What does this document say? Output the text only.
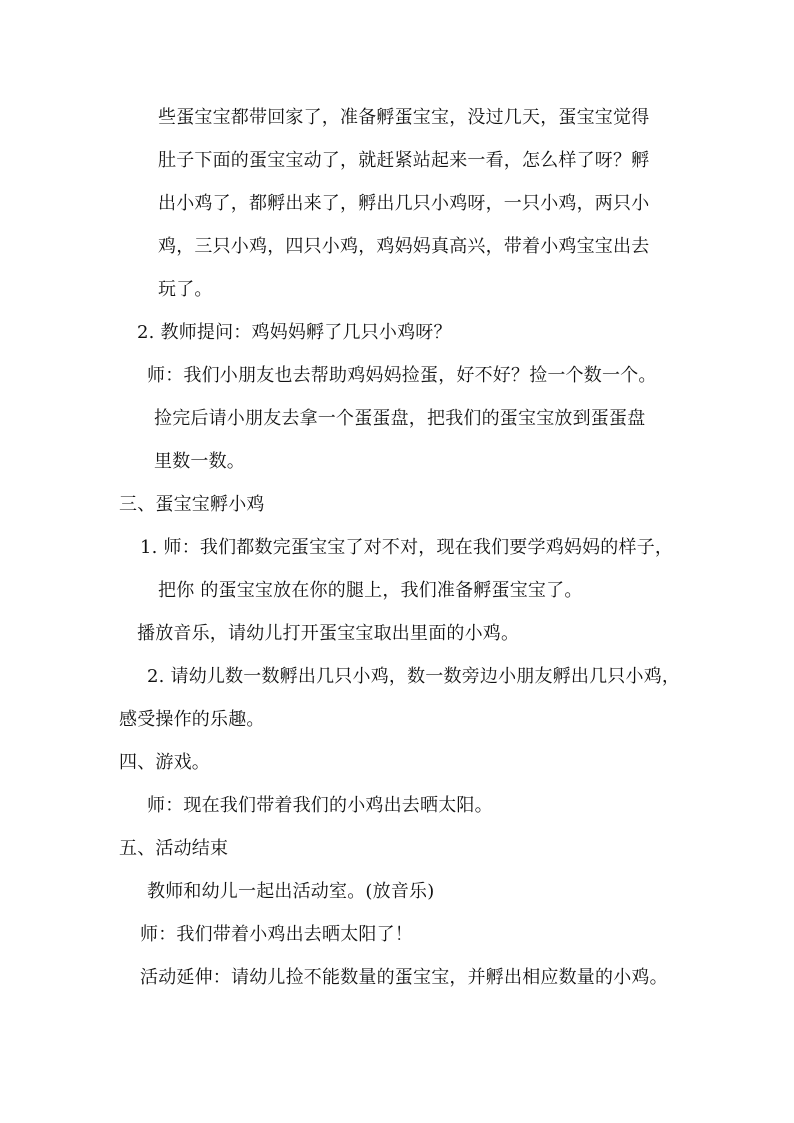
些蛋宝宝都带回家了，准备孵蛋宝宝，没过几天，蛋宝宝觉得
肚子下面的蛋宝宝动了，就赶紧站起来一看，怎么样了呀？孵
出小鸡了，都孵出来了，孵出几只小鸡呀，一只小鸡，两只小
鸡，三只小鸡，四只小鸡，鸡妈妈真高兴，带着小鸡宝宝出去
玩了。
2. 教师提问：鸡妈妈孵了几只小鸡呀？
师：我们小朋友也去帮助鸡妈妈捡蛋，好不好？捡一个数一个。
捡完后请小朋友去拿一个蛋蛋盘，把我们的蛋宝宝放到蛋蛋盘
里数一数。
三、蛋宝宝孵小鸡
1. 师：我们都数完蛋宝宝了对不对，现在我们要学鸡妈妈的样子，
把你 的蛋宝宝放在你的腿上，我们准备孵蛋宝宝了。
播放音乐，请幼儿打开蛋宝宝取出里面的小鸡。
2. 请幼儿数一数孵出几只小鸡，数一数旁边小朋友孵出几只小鸡，
感受操作的乐趣。
四、游戏。
师：现在我们带着我们的小鸡出去晒太阳。
五、活动结束
教师和幼儿一起出活动室。(放音乐)
师：我们带着小鸡出去晒太阳了！
活动延伸：请幼儿捡不能数量的蛋宝宝，并孵出相应数量的小鸡。
